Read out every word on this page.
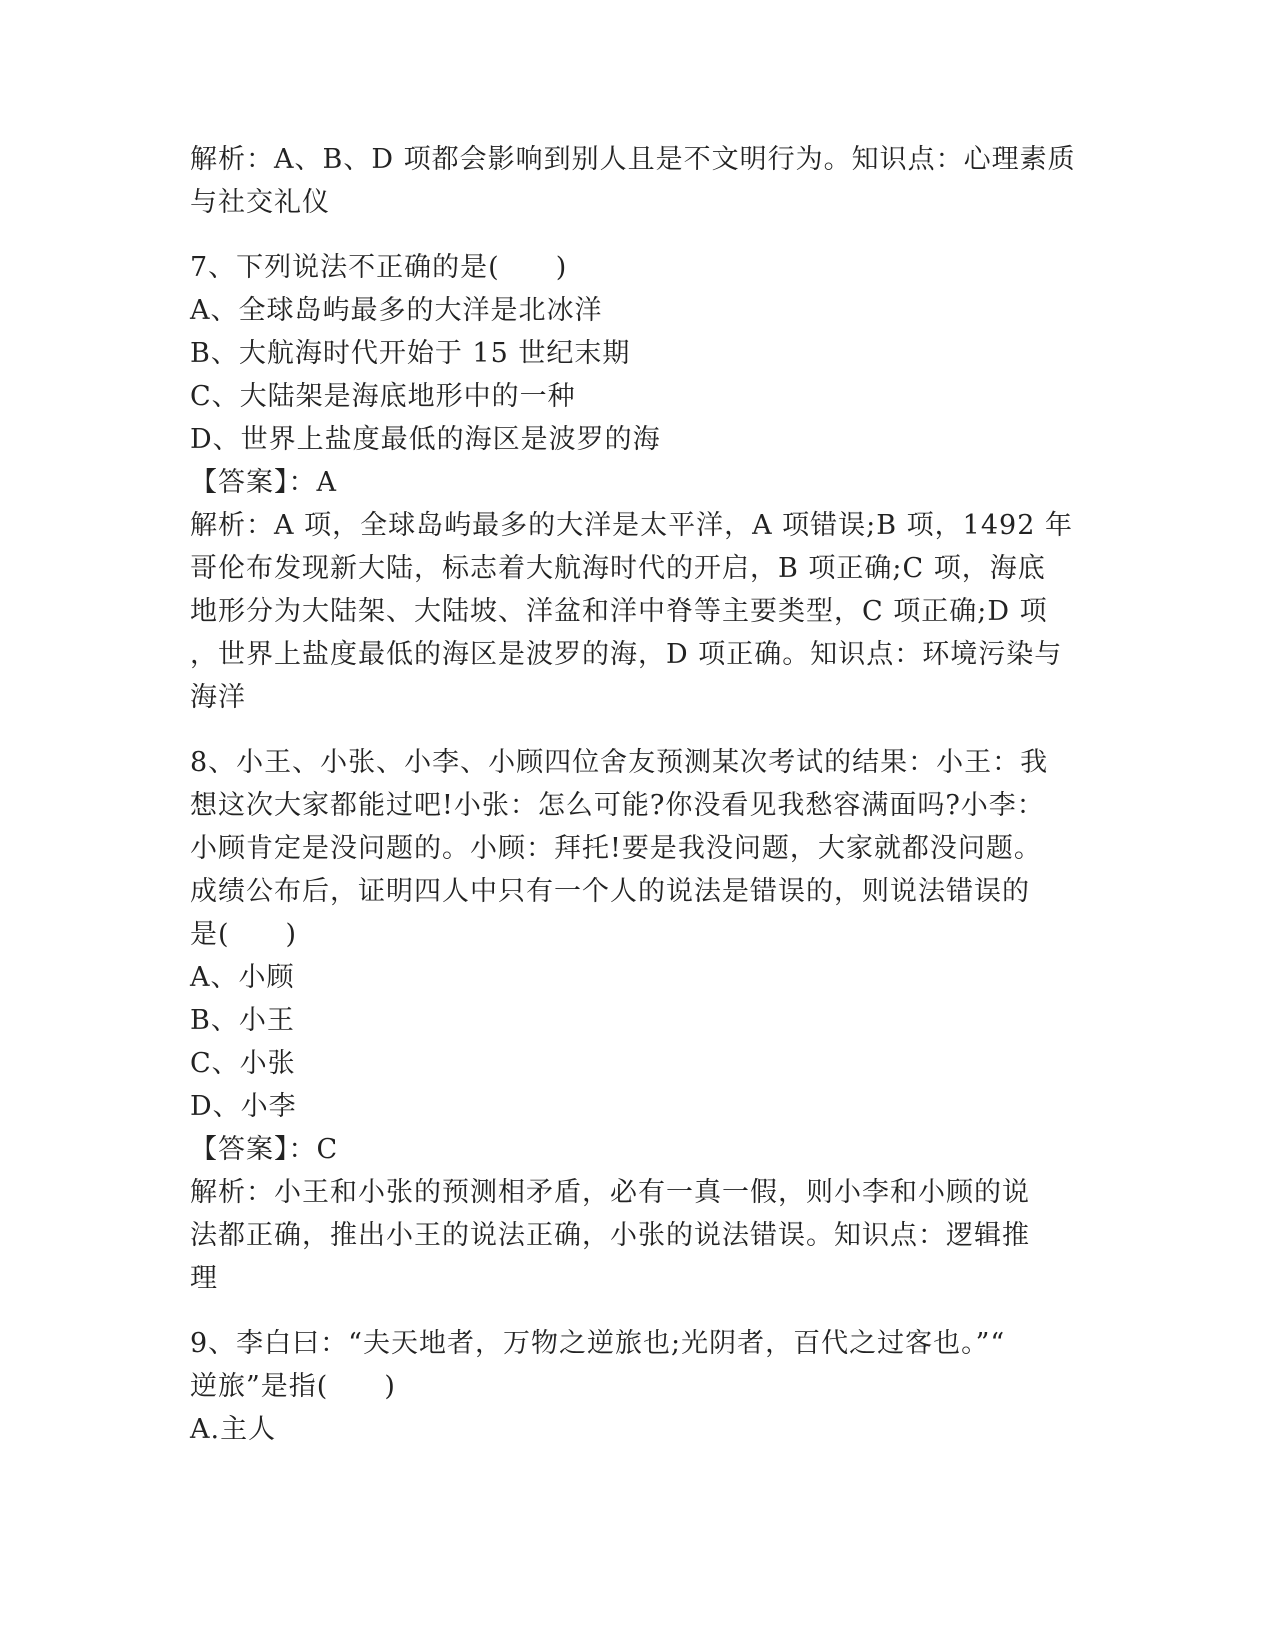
解析：A、B、D 项都会影响到别人且是不文明行为。知识点：心理素质

与社交礼仪

7、下列说法不正确的是(　　)

A、全球岛屿最多的大洋是北冰洋

B、大航海时代开始于 15 世纪末期

C、大陆架是海底地形中的一种

D、世界上盐度最低的海区是波罗的海

【答案】：A

解析：A 项，全球岛屿最多的大洋是太平洋，A 项错误;B 项，1492 年

哥伦布发现新大陆，标志着大航海时代的开启，B 项正确;C 项，海底

地形分为大陆架、大陆坡、洋盆和洋中脊等主要类型，C 项正确;D 项

，世界上盐度最低的海区是波罗的海，D 项正确。知识点：环境污染与

海洋

8、小王、小张、小李、小顾四位舍友预测某次考试的结果：小王：我

想这次大家都能过吧!小张：怎么可能?你没看见我愁容满面吗?小李：

小顾肯定是没问题的。小顾：拜托!要是我没问题，大家就都没问题。

成绩公布后，证明四人中只有一个人的说法是错误的，则说法错误的

是(　　)

A、小顾

B、小王

C、小张

D、小李

【答案】：C

解析：小王和小张的预测相矛盾，必有一真一假，则小李和小顾的说

法都正确，推出小王的说法正确，小张的说法错误。知识点：逻辑推

理

9、李白曰：“夫天地者，万物之逆旅也;光阴者，百代之过客也。”“

逆旅”是指(　　)

A.主人
